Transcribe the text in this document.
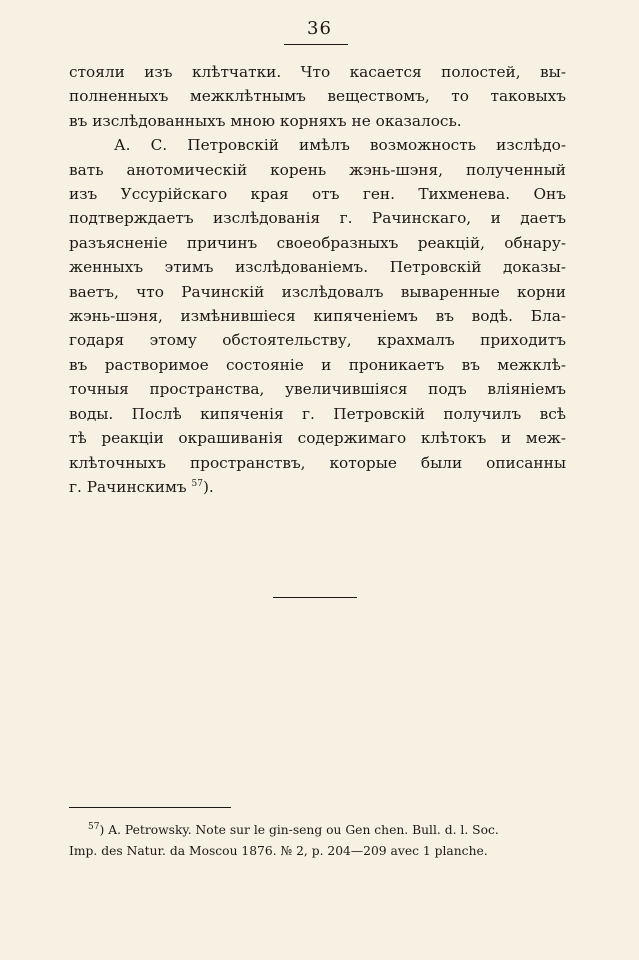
36
стояли изъ клѣтчатки. Что касается полостей, вы-
полненныхъ межклѣтнымъ веществомъ, то таковыхъ
въ изслѣдованныхъ мною корняхъ не оказалось.
А. С. Петровскій имѣлъ возможность изслѣдо-
вать анотомическій корень жэнь-шэня, полученный
изъ Уссурійскаго края отъ ген. Тихменева. Онъ
подтверждаетъ изслѣдованія г. Рачинскаго, и даетъ
разъясненіе причинъ своеобразныхъ реакцій, обнару-
женныхъ этимъ изслѣдованіемъ. Петровскій доказы-
ваетъ, что Рачинскій изслѣдовалъ вываренные корни
жэнь-шэня, измѣнившіеся кипяченіемъ въ водѣ. Бла-
годаря этому обстоятельству, крахмалъ приходитъ
въ растворимое состояніе и проникаетъ въ межклѣ-
точныя пространства, увеличившіяся подъ вліяніемъ
воды. Послѣ кипяченія г. Петровскій получилъ всѣ
тѣ реакціи окрашиванія содержимаго клѣтокъ и меж-
клѣточныхъ пространствъ, которые были описанны
г. Рачинскимъ $^{57}$).
$^{57}$) A. Petrowsky. Note sur le gin-seng ou Gen chen. Bull. d. l. Soc.
Imp. des Natur. da Moscou 1876. № 2, p. 204—209 avec 1 planche.
